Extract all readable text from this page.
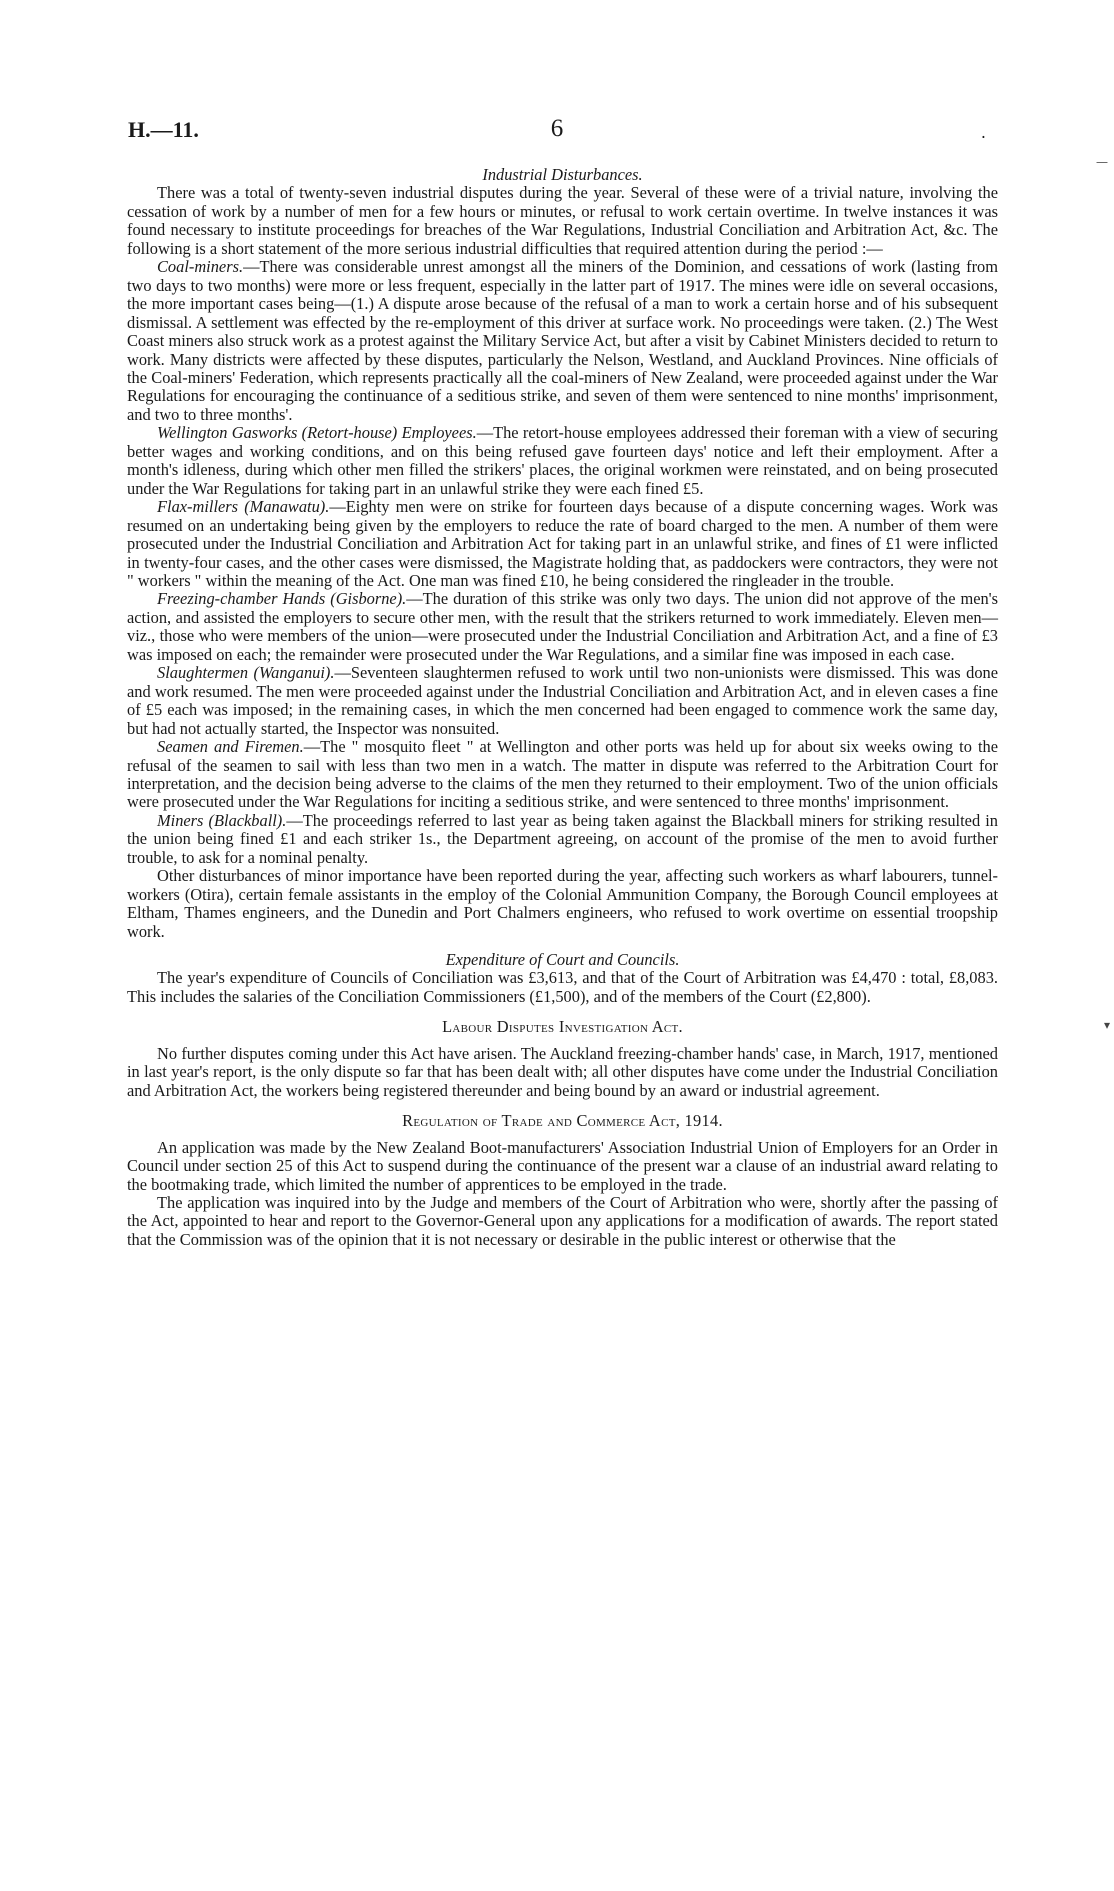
H.—11.	6	.

Industrial Disturbances.

There was a total of twenty-seven industrial disputes during the year. Several of these were of a trivial nature, involving the cessation of work by a number of men for a few hours or minutes, or refusal to work certain overtime. In twelve instances it was found necessary to institute proceedings for breaches of the War Regulations, Industrial Conciliation and Arbitration Act, &c. The following is a short statement of the more serious industrial difficulties that required attention during the period :—

Coal-miners.—There was considerable unrest amongst all the miners of the Dominion, and cessations of work (lasting from two days to two months) were more or less frequent, especially in the latter part of 1917. The mines were idle on several occasions, the more important cases being—(1.) A dispute arose because of the refusal of a man to work a certain horse and of his subsequent dismissal. A settlement was effected by the re-employment of this driver at surface work. No proceedings were taken. (2.) The West Coast miners also struck work as a protest against the Military Service Act, but after a visit by Cabinet Ministers decided to return to work. Many districts were affected by these disputes, particularly the Nelson, Westland, and Auckland Provinces. Nine officials of the Coal-miners' Federation, which represents practically all the coal-miners of New Zealand, were proceeded against under the War Regulations for encouraging the continuance of a seditious strike, and seven of them were sentenced to nine months' imprisonment, and two to three months'.

Wellington Gasworks (Retort-house) Employees.—The retort-house employees addressed their foreman with a view of securing better wages and working conditions, and on this being refused gave fourteen days' notice and left their employment. After a month's idleness, during which other men filled the strikers' places, the original workmen were reinstated, and on being prosecuted under the War Regulations for taking part in an unlawful strike they were each fined £5.

Flax-millers (Manawatu).—Eighty men were on strike for fourteen days because of a dispute concerning wages. Work was resumed on an undertaking being given by the employers to reduce the rate of board charged to the men. A number of them were prosecuted under the Industrial Conciliation and Arbitration Act for taking part in an unlawful strike, and fines of £1 were inflicted in twenty-four cases, and the other cases were dismissed, the Magistrate holding that, as paddockers were contractors, they were not " workers " within the meaning of the Act. One man was fined £10, he being considered the ringleader in the trouble.

Freezing-chamber Hands (Gisborne).—The duration of this strike was only two days. The union did not approve of the men's action, and assisted the employers to secure other men, with the result that the strikers returned to work immediately. Eleven men—viz., those who were members of the union—were prosecuted under the Industrial Conciliation and Arbitration Act, and a fine of £3 was imposed on each; the remainder were prosecuted under the War Regulations, and a similar fine was imposed in each case.

Slaughtermen (Wanganui).—Seventeen slaughtermen refused to work until two non-unionists were dismissed. This was done and work resumed. The men were proceeded against under the Industrial Conciliation and Arbitration Act, and in eleven cases a fine of £5 each was imposed; in the remaining cases, in which the men concerned had been engaged to commence work the same day, but had not actually started, the Inspector was nonsuited.

Seamen and Firemen.—The " mosquito fleet " at Wellington and other ports was held up for about six weeks owing to the refusal of the seamen to sail with less than two men in a watch. The matter in dispute was referred to the Arbitration Court for interpretation, and the decision being adverse to the claims of the men they returned to their employment. Two of the union officials were prosecuted under the War Regulations for inciting a seditious strike, and were sentenced to three months' imprisonment.

Miners (Blackball).—The proceedings referred to last year as being taken against the Blackball miners for striking resulted in the union being fined £1 and each striker 1s., the Department agreeing, on account of the promise of the men to avoid further trouble, to ask for a nominal penalty.

Other disturbances of minor importance have been reported during the year, affecting such workers as wharf labourers, tunnel-workers (Otira), certain female assistants in the employ of the Colonial Ammunition Company, the Borough Council employees at Eltham, Thames engineers, and the Dunedin and Port Chalmers engineers, who refused to work overtime on essential troopship work.

Expenditure of Court and Councils.

The year's expenditure of Councils of Conciliation was £3,613, and that of the Court of Arbitration was £4,470 : total, £8,083. This includes the salaries of the Conciliation Commissioners (£1,500), and of the members of the Court (£2,800).

Labour Disputes Investigation Act.

No further disputes coming under this Act have arisen. The Auckland freezing-chamber hands' case, in March, 1917, mentioned in last year's report, is the only dispute so far that has been dealt with; all other disputes have come under the Industrial Conciliation and Arbitration Act, the workers being registered thereunder and being bound by an award or industrial agreement.

Regulation of Trade and Commerce Act, 1914.

An application was made by the New Zealand Boot-manufacturers' Association Industrial Union of Employers for an Order in Council under section 25 of this Act to suspend during the continuance of the present war a clause of an industrial award relating to the bootmaking trade, which limited the number of apprentices to be employed in the trade.

The application was inquired into by the Judge and members of the Court of Arbitration who were, shortly after the passing of the Act, appointed to hear and report to the Governor-General upon any applications for a modification of awards. The report stated that the Commission was of the opinion that it is not necessary or desirable in the public interest or otherwise that the

—
▾
